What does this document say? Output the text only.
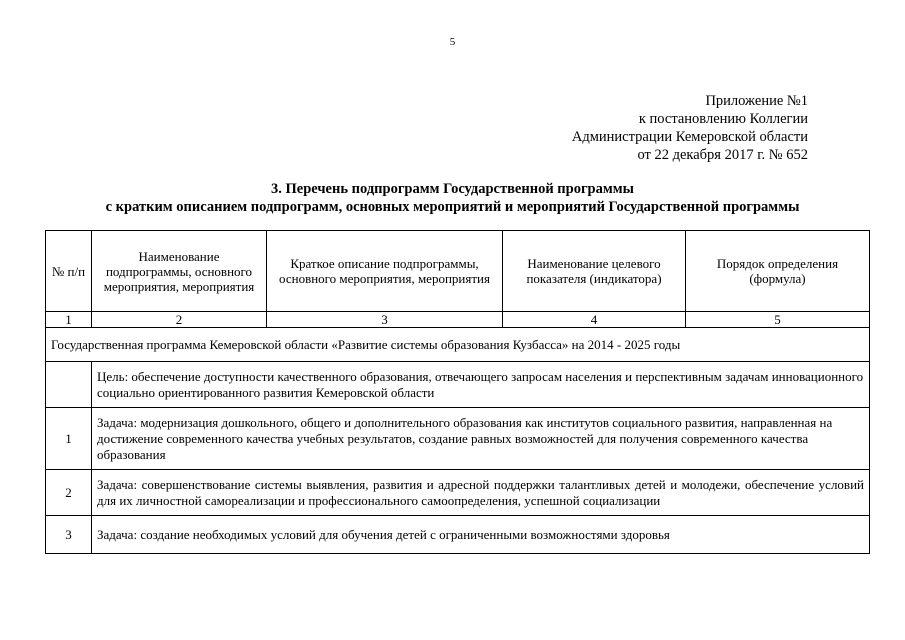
5
Приложение №1
к постановлению Коллегии
Администрации Кемеровской области
от 22 декабря 2017 г. № 652
3. Перечень подпрограмм Государственной программы
с кратким описанием подпрограмм, основных мероприятий и мероприятий Государственной программы
№ п/п	Наименование подпрограммы, основного мероприятия, мероприятия	Краткое описание подпрограммы, основного мероприятия, мероприятия	Наименование целевого показателя (индикатора)	Порядок определения (формула)
1	2	3	4	5
Государственная программа Кемеровской области «Развитие системы образования Кузбасса» на 2014 - 2025 годы				
	Цель: обеспечение доступности качественного образования, отвечающего запросам населения и перспективным задачам инновационного социально ориентированного развития Кемеровской области			
1	Задача: модернизация дошкольного, общего и дополнительного образования как институтов социального развития, направленная на достижение современного качества учебных результатов, создание равных возможностей для получения современного качества образования			
2	Задача: совершенствование системы выявления, развития и адресной поддержки талантливых детей и молодежи, обеспечение условий для их личностной самореализации и профессионального самоопределения, успешной социализации			
3	Задача: создание необходимых условий для обучения детей с ограниченными возможностями здоровья			
